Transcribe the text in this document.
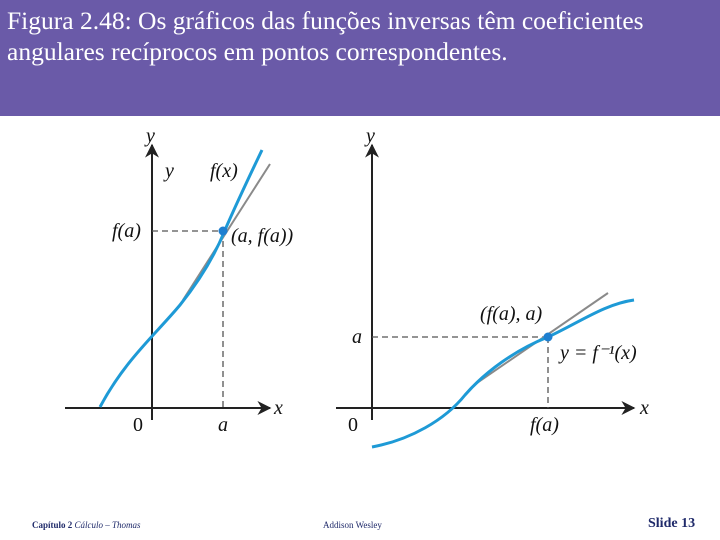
Figura 2.48: Os gráficos das funções inversas têm coeficientes angulares recíprocos em pontos correspondentes.
y
y f(x)
f(a)	(a, f(a))
0	a
x
y
a
(f(a), a)
y = f⁻¹(x)
0	f(a)
x
Capítulo 2 Cálculo – Thomas	Addison Wesley	Slide 13
